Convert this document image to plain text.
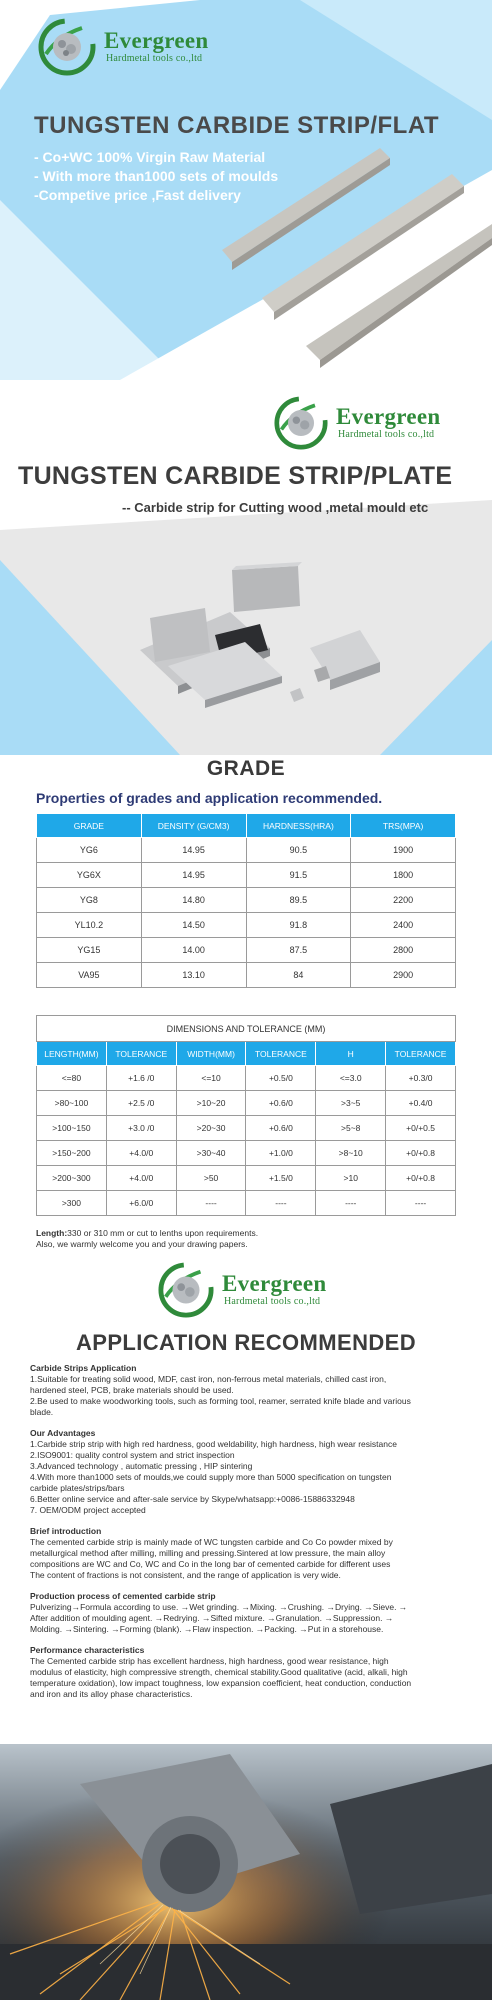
Evergreen
Hardmetal tools co.,ltd
TUNGSTEN CARBIDE STRIP/FLAT
- Co+WC 100% Virgin Raw Material
- With more than1000 sets of moulds
-Competive price ,Fast delivery
Evergreen
Hardmetal tools co.,ltd
TUNGSTEN CARBIDE STRIP/PLATE
-- Carbide strip for Cutting wood ,metal mould etc
GRADE
Properties of grades and application recommended.
GRADE	DENSITY (G/CM3)	HARDNESS(HRA)	TRS(MPA)
YG6	14.95	90.5	1900
YG6X	14.95	91.5	1800
YG8	14.80	89.5	2200
YL10.2	14.50	91.8	2400
YG15	14.00	87.5	2800
VA95	13.10	84	2900
DIMENSIONS AND TOLERANCE (MM)					
LENGTH(MM)	TOLERANCE	WIDTH(MM)	TOLERANCE	H	TOLERANCE
<=80	+1.6 /0	<=10	+0.5/0	<=3.0	+0.3/0
>80~100	+2.5 /0	>10~20	+0.6/0	>3~5	+0.4/0
>100~150	+3.0 /0	>20~30	+0.6/0	>5~8	+0/+0.5
>150~200	+4.0/0	>30~40	+1.0/0	>8~10	+0/+0.8
>200~300	+4.0/0	>50	+1.5/0	>10	+0/+0.8
>300	+6.0/0	----	----	----	----
Length:330 or 310 mm or cut to lenths upon requirements.
Also, we warmly welcome you and your drawing papers.
Evergreen
Hardmetal tools co.,ltd
APPLICATION RECOMMENDED
Carbide Strips Application
1.Suitable for treating solid wood, MDF, cast iron, non-ferrous metal materials, chilled cast iron,
hardened steel, PCB, brake materials should be used.
2.Be used to make woodworking tools, such as forming tool, reamer, serrated knife blade and various
blade.
Our Advantages
1.Carbide strip strip with high red hardness, good weldability, high hardness, high wear resistance
2.ISO9001: quality control system and strict inspection
3.Advanced technology , automatic pressing , HIP sintering
4.With more than1000 sets of moulds,we could supply more than 5000 specification on tungsten
carbide plates/strips/bars
6.Better online service and after-sale service by Skype/whatsapp:+0086-15886332948
7. OEM/ODM project accepted
Brief introduction
The cemented carbide strip is mainly made of WC tungsten carbide and Co Co powder mixed by
metallurgical method after milling, milling and pressing.Sintered at low pressure, the main alloy
compositions are WC and Co, WC and Co in the long bar of cemented carbide for different uses
The content of fractions is not consistent, and the range of application is very wide.
Production process of cemented carbide strip
Pulverizing→Formula according to use. →Wet grinding. →Mixing. →Crushing. →Drying. →Sieve. →
After addition of moulding agent. →Redrying. →Sifted mixture. →Granulation. →Suppression. →
Molding. →Sintering. →Forming (blank). →Flaw inspection. →Packing. →Put in a storehouse.
Performance characteristics
The Cemented carbide strip has excellent hardness, high hardness, good wear resistance, high
modulus of elasticity, high compressive strength, chemical stability.Good qualitative (acid, alkali, high
temperature oxidation), low impact toughness, low expansion coefficient, heat conduction, conduction
and iron and its alloy phase characteristics.
